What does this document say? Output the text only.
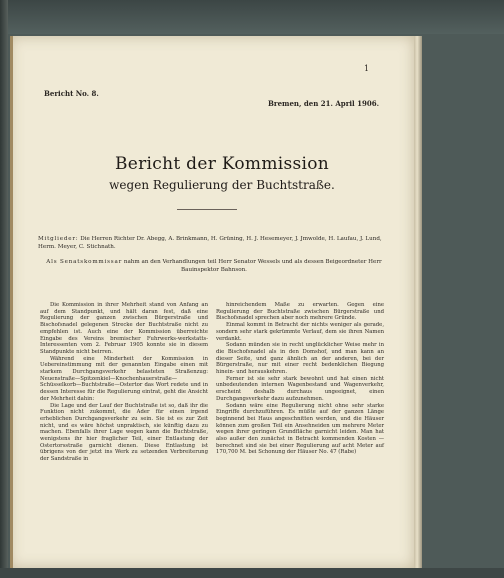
1
Bericht No. 8.
Bremen, den 21. April 1906.
Bericht der Kommission
wegen Regulierung der Buchtstraße.
Mitglieder: Die Herren Richter Dr. Abegg, A. Brinkmann, H. Grüning, H. J. Hesemeyer, J. Jmwolde, H. Laufau, J. Lund, Herm. Meyer, C. Stichnath.
Als Senatskommissar nahm an den Verhandlungen teil Herr Senator Wessels und als dessen Beigeordneter Herr Bauinspektor Bahnson.

Die Kommission in ihrer Mehrheit stand von Anfang an auf dem Standpunkt, und hält daran fest, daß eine Regulierung der ganzen zwischen Bürgerstraße und Bischofsnadel gelegenen Strecke der Buchtstraße nicht zu empfehlen ist. Auch eine der Kommission überreichte Eingabe des Vereins bremischer Fuhrwerks-werkstatts-Interessenten vom 2. Februar 1905 konnte sie in diesem Standpunkte nicht beirren.

Während eine Minderheit der Kommission in Uebereinstimmung mit der genannten Eingabe einen mit starkem Durchgangsverkehr belasteten Straßenzug: Neuenstraße—Spitzenkiel—Knochenhauerstraße—Schüsselkorb—Buchtstraße—Ostertor das Wort redete und in dessen Interesse für die Regulierung eintrat, geht die Ansicht der Mehrheit dahin:

Die Lage und der Lauf der Buchtstraße ist so, daß ihr die Funktion nicht zukommt, die Ader für einen irgend erheblichen Durchgangsverkehr zu sein. Sie ist es zur Zeit nicht, und es wäre höchst unpraktisch, sie künftig dazu zu machen. Ebenfalls ihrer Lage wegen kann die Buchtstraße, wenigstens ihr hier fraglicher Teil, einer Entlastung der Ostertorsstraße garnicht dienen. Diese Entlastung ist übrigens von der jetzt ins Werk zu setzenden Verbreiterung der Sandstraße in

hinreichendem Maße zu erwarten. Gegen eine Regulierung der Buchtstraße zwischen Bürgerstraße und Bischofsnadel sprechen aber noch mehrere Gründe.

Einmal kommt in Betracht der nichts weniger als gerade, sondern sehr stark gekrümmte Verlauf, dem sie ihren Namen verdankt.

Sodann münden sie in recht unglücklicher Weise mehr in die Bischofsnadel als in den Domshof, und man kann an dieser Seite, und ganz ähnlich an der anderen, bei der Bürgerstraße, nur mit einer recht bedenklichen Biegung hinein- und herauskehren.

Ferner ist sie sehr stark bewohnt und hat einen nicht unbedeutenden internen Wagenbestand und Wagenverkehr, erscheint deshalb durchaus ungeeignet, einen Durchgangsverkehr dazu aufzunehmen.

Sodann wäre eine Regulierung nicht ohne sehr starke Eingriffe durchzuführen. Es müßte auf der ganzen Länge beginnend bei Haus angeschnitten werden, und die Häuser können zum großen Teil ein Ansehneiden um mehrere Meter wegen ihrer geringen Grundfläche garnicht leiden. Man hat also außer den zunächst in Betracht kommenden Kosten — berechnet sind sie bei einer Regulierung auf acht Meter auf 170,700 M. bei Schonung der Häuser No. 47 (Rabe)
